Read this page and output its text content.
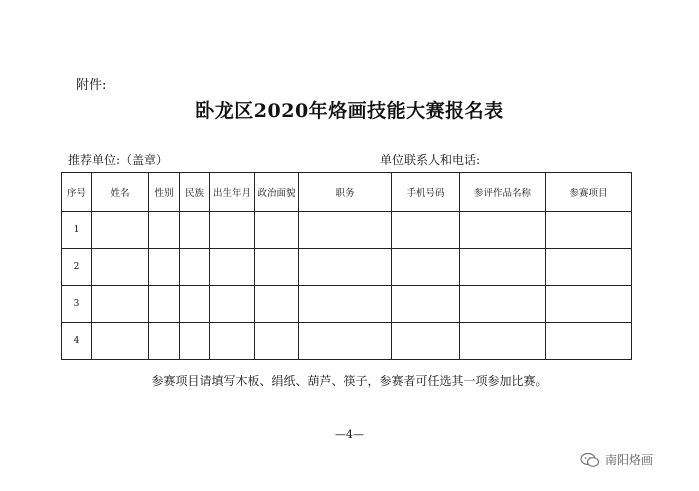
附件:
卧龙区2020年烙画技能大赛报名表
推荐单位:（盖章）	单位联系人和电话:
序号	姓名	性别	民族	出生年月	政治面貌	职务	手机号码	参评作品名称	参赛项目
1									
2									
3									
4									
参赛项目请填写木板、绢纸、葫芦、筷子，参赛者可任选其一项参加比赛。
—4—
南阳烙画
